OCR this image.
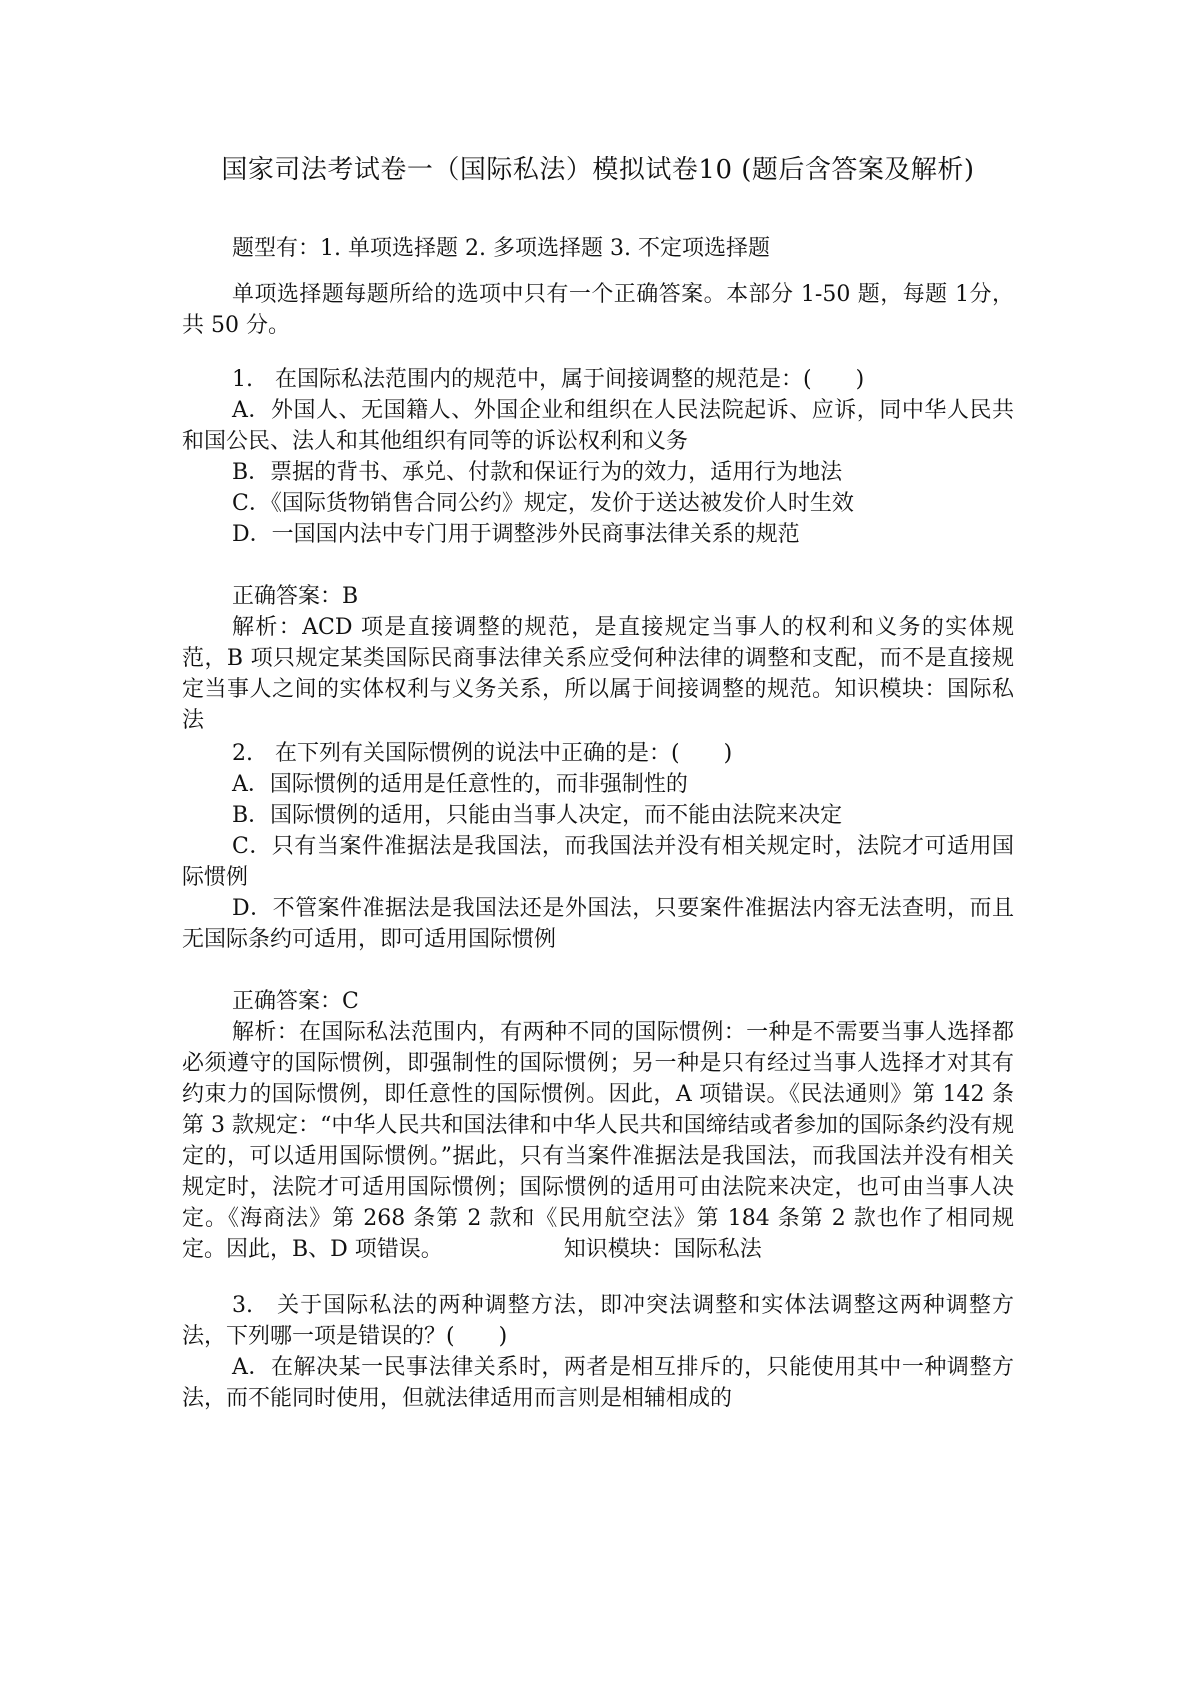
国家司法考试卷一（国际私法）模拟试卷10 (题后含答案及解析)
题型有：1. 单项选择题 2. 多项选择题 3. 不定项选择题

单项选择题每题所给的选项中只有一个正确答案。本部分 1-50 题，每题 1分，共 50 分。

1.　在国际私法范围内的规范中，属于间接调整的规范是：(　　)

A．外国人、无国籍人、外国企业和组织在人民法院起诉、应诉，同中华人民共和国公民、法人和其他组织有同等的诉讼权利和义务

B．票据的背书、承兑、付款和保证行为的效力，适用行为地法

C．《国际货物销售合同公约》规定，发价于送达被发价人时生效

D．一国国内法中专门用于调整涉外民商事法律关系的规范

正确答案：B

解析：ACD 项是直接调整的规范，是直接规定当事人的权利和义务的实体规范，B 项只规定某类国际民商事法律关系应受何种法律的调整和支配，而不是直接规定当事人之间的实体权利与义务关系，所以属于间接调整的规范。知识模块：国际私法

2.　在下列有关国际惯例的说法中正确的是：(　　)

A．国际惯例的适用是任意性的，而非强制性的

B．国际惯例的适用，只能由当事人决定，而不能由法院来决定

C．只有当案件准据法是我国法，而我国法并没有相关规定时，法院才可适用国际惯例

D．不管案件准据法是我国法还是外国法，只要案件准据法内容无法查明，而且无国际条约可适用，即可适用国际惯例

正确答案：C

解析：在国际私法范围内，有两种不同的国际惯例：一种是不需要当事人选择都必须遵守的国际惯例，即强制性的国际惯例；另一种是只有经过当事人选择才对其有约束力的国际惯例，即任意性的国际惯例。因此，A 项错误。《民法通则》第 142 条第 3 款规定：“中华人民共和国法律和中华人民共和国缔结或者参加的国际条约没有规定的，可以适用国际惯例。”据此，只有当案件准据法是我国法，而我国法并没有相关规定时，法院才可适用国际惯例；国际惯例的适用可由法院来决定，也可由当事人决定。《海商法》第 268 条第 2 款和《民用航空法》第 184 条第 2 款也作了相同规定。因此，B、D 项错误。　　　　　　知识模块：国际私法

3.　关于国际私法的两种调整方法，即冲突法调整和实体法调整这两种调整方法，下列哪一项是错误的？(　　)

A．在解决某一民事法律关系时，两者是相互排斥的，只能使用其中一种调整方法，而不能同时使用，但就法律适用而言则是相辅相成的
